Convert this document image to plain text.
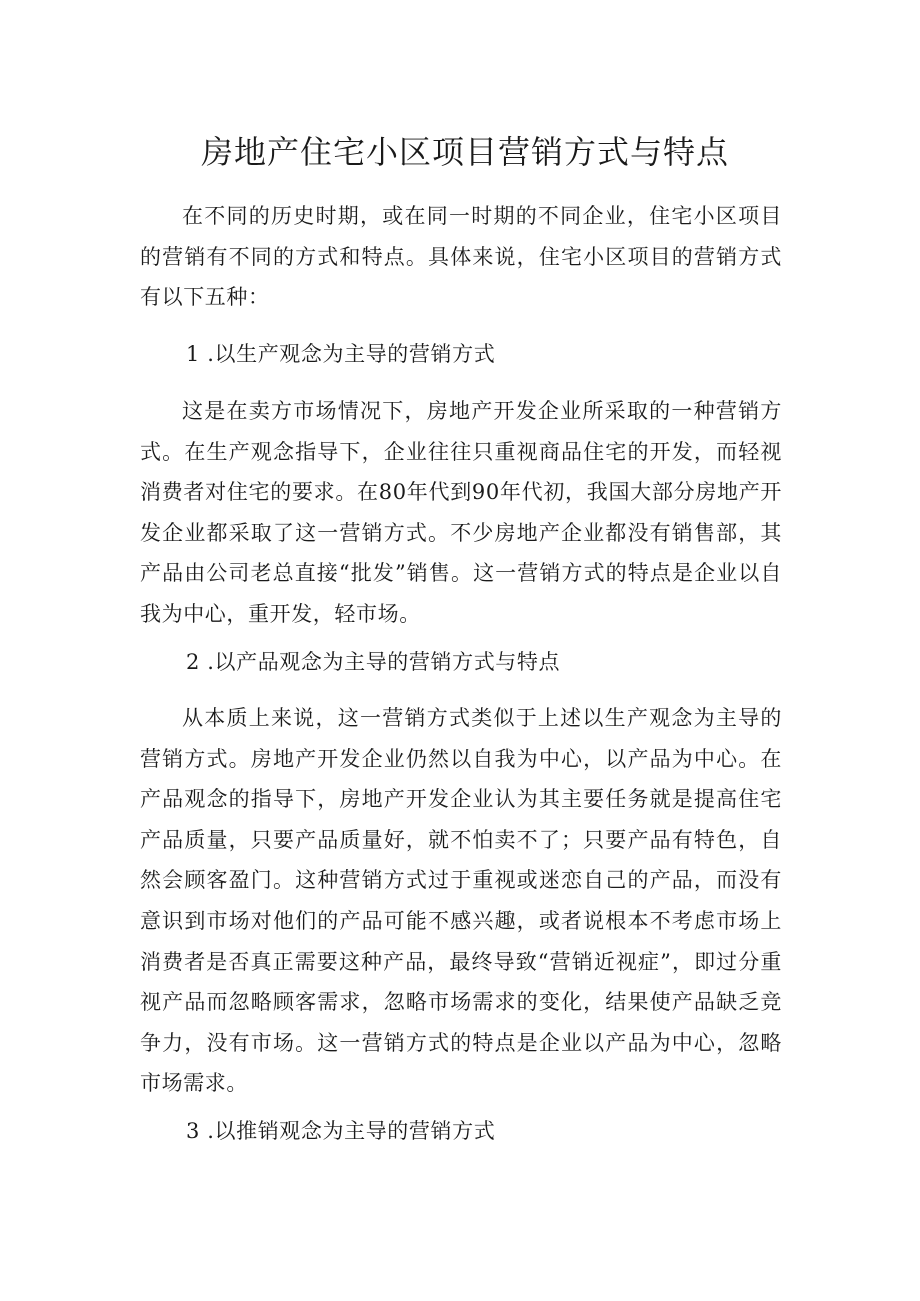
房地产住宅小区项目营销方式与特点

在不同的历史时期，或在同一时期的不同企业，住宅小区项目的营销有不同的方式和特点。具体来说，住宅小区项目的营销方式有以下五种：

1 .以生产观念为主导的营销方式

这是在卖方市场情况下，房地产开发企业所采取的一种营销方式。在生产观念指导下，企业往往只重视商品住宅的开发，而轻视消费者对住宅的要求。在80年代到90年代初，我国大部分房地产开发企业都采取了这一营销方式。不少房地产企业都没有销售部，其产品由公司老总直接“批发”销售。这一营销方式的特点是企业以自我为中心，重开发，轻市场。

2 .以产品观念为主导的营销方式与特点

从本质上来说，这一营销方式类似于上述以生产观念为主导的营销方式。房地产开发企业仍然以自我为中心，以产品为中心。在产品观念的指导下，房地产开发企业认为其主要任务就是提高住宅产品质量，只要产品质量好，就不怕卖不了；只要产品有特色，自然会顾客盈门。这种营销方式过于重视或迷恋自己的产品，而没有意识到市场对他们的产品可能不感兴趣，或者说根本不考虑市场上消费者是否真正需要这种产品，最终导致“营销近视症”，即过分重视产品而忽略顾客需求，忽略市场需求的变化，结果使产品缺乏竞争力，没有市场。这一营销方式的特点是企业以产品为中心，忽略市场需求。

3 .以推销观念为主导的营销方式
